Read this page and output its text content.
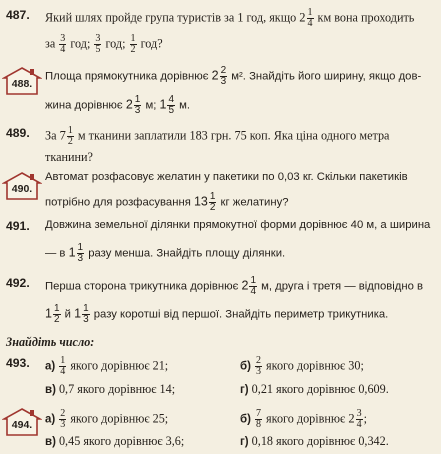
487.	Який шлях пройде група туристів за 1 год, якщо $2 \frac{1}{4}$ км вона проходить
за $\frac{3}{4}$ год; $\frac{3}{5}$ год; $\frac{1}{2}$ год?
488.
Площа прямокутника дорівнює $2 \frac{2}{3} м^2$. Знайдіть його ширину, якщо дов-
жина дорівнює $2 \frac{1}{3} м$; $1 \frac{4}{5} м$.
489.	За $7 \frac{1}{2}$ м тканини заплатили 183 грн. 75 коп. Яка ціна одного метра
тканини?
490.
Автомат розфасовує желатин у пакетики по 0,03 кг. Скільки пакетиків
потрібно для розфасування $13 \frac{1}{2}$ кг желатину?
491.	Довжина земельної ділянки прямокутної форми дорівнює 40 м, а ширина
— в $1 \frac{1}{3}$ разу менша. Знайдіть площу ділянки.
492.	Перша сторона трикутника дорівнює $2 \frac{1}{4} м$, друга і третя — відповідно в
$1 \frac{1}{2}$ й $1 \frac{1}{3}$ разу коротші від першої. Знайдіть периметр трикутника.
Знайдіть число:
493.	$а) \frac{1}{4}$ якого дорівнює 21;	$б) \frac{2}{3}$ якого дорівнює 30;
в) 0,7 якого дорівнює 14;	г) 0,21 якого дорівнює 0,609.
494.	$а) \frac{2}{3}$ якого дорівнює 25;	$б) \frac{7}{8}$ якого дорівнює $2 \frac{3}{4}$ ;
в) 0,45 якого дорівнює 3,6;	г) 0,18 якого дорівнює 0,342.
